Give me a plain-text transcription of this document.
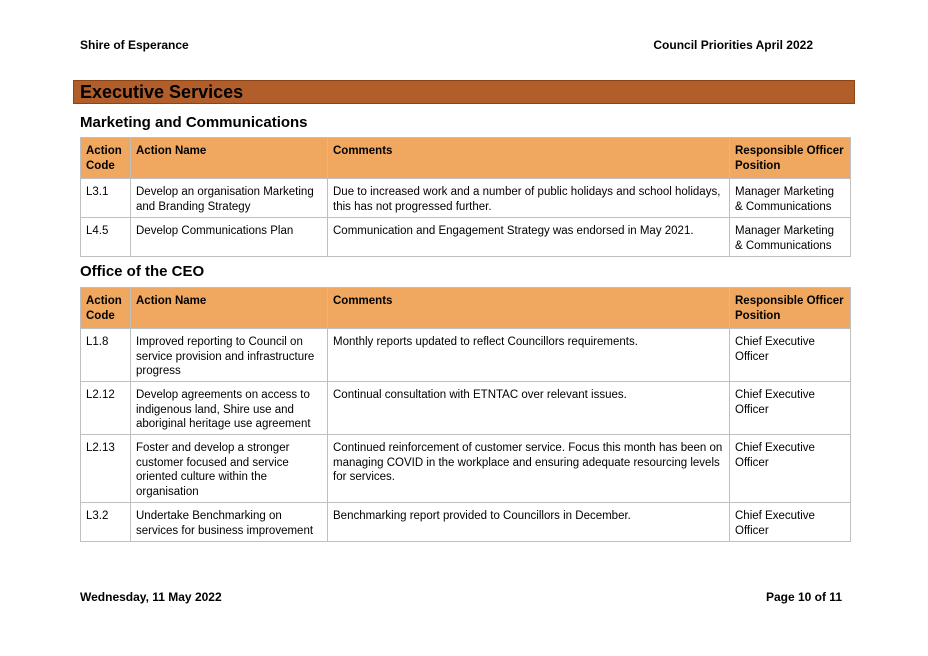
Shire of Esperance	Council Priorities April 2022
Executive Services
Marketing and Communications
Action Code	Action Name	Comments	Responsible Officer Position
L3.1	Develop an organisation Marketing and Branding Strategy	Due to increased work and a number of public holidays and school holidays, this has not progressed further.	Manager Marketing & Communications
L4.5	Develop Communications Plan	Communication and Engagement Strategy was endorsed in May 2021.	Manager Marketing & Communications
Office of the CEO
Action Code	Action Name	Comments	Responsible Officer Position
L1.8	Improved reporting to Council on service provision and infrastructure progress	Monthly reports updated to reflect Councillors requirements.	Chief Executive Officer
L2.12	Develop agreements on access to indigenous land, Shire use and aboriginal heritage use agreement	Continual consultation with ETNTAC over relevant issues.	Chief Executive Officer
L2.13	Foster and develop a stronger customer focused and service oriented culture within the organisation	Continued reinforcement of customer service. Focus this month has been on managing COVID in the workplace and ensuring adequate resourcing levels for services.	Chief Executive Officer
L3.2	Undertake Benchmarking on services for business improvement	Benchmarking report provided to Councillors in December.	Chief Executive Officer
Wednesday, 11 May 2022	Page 10 of 11
